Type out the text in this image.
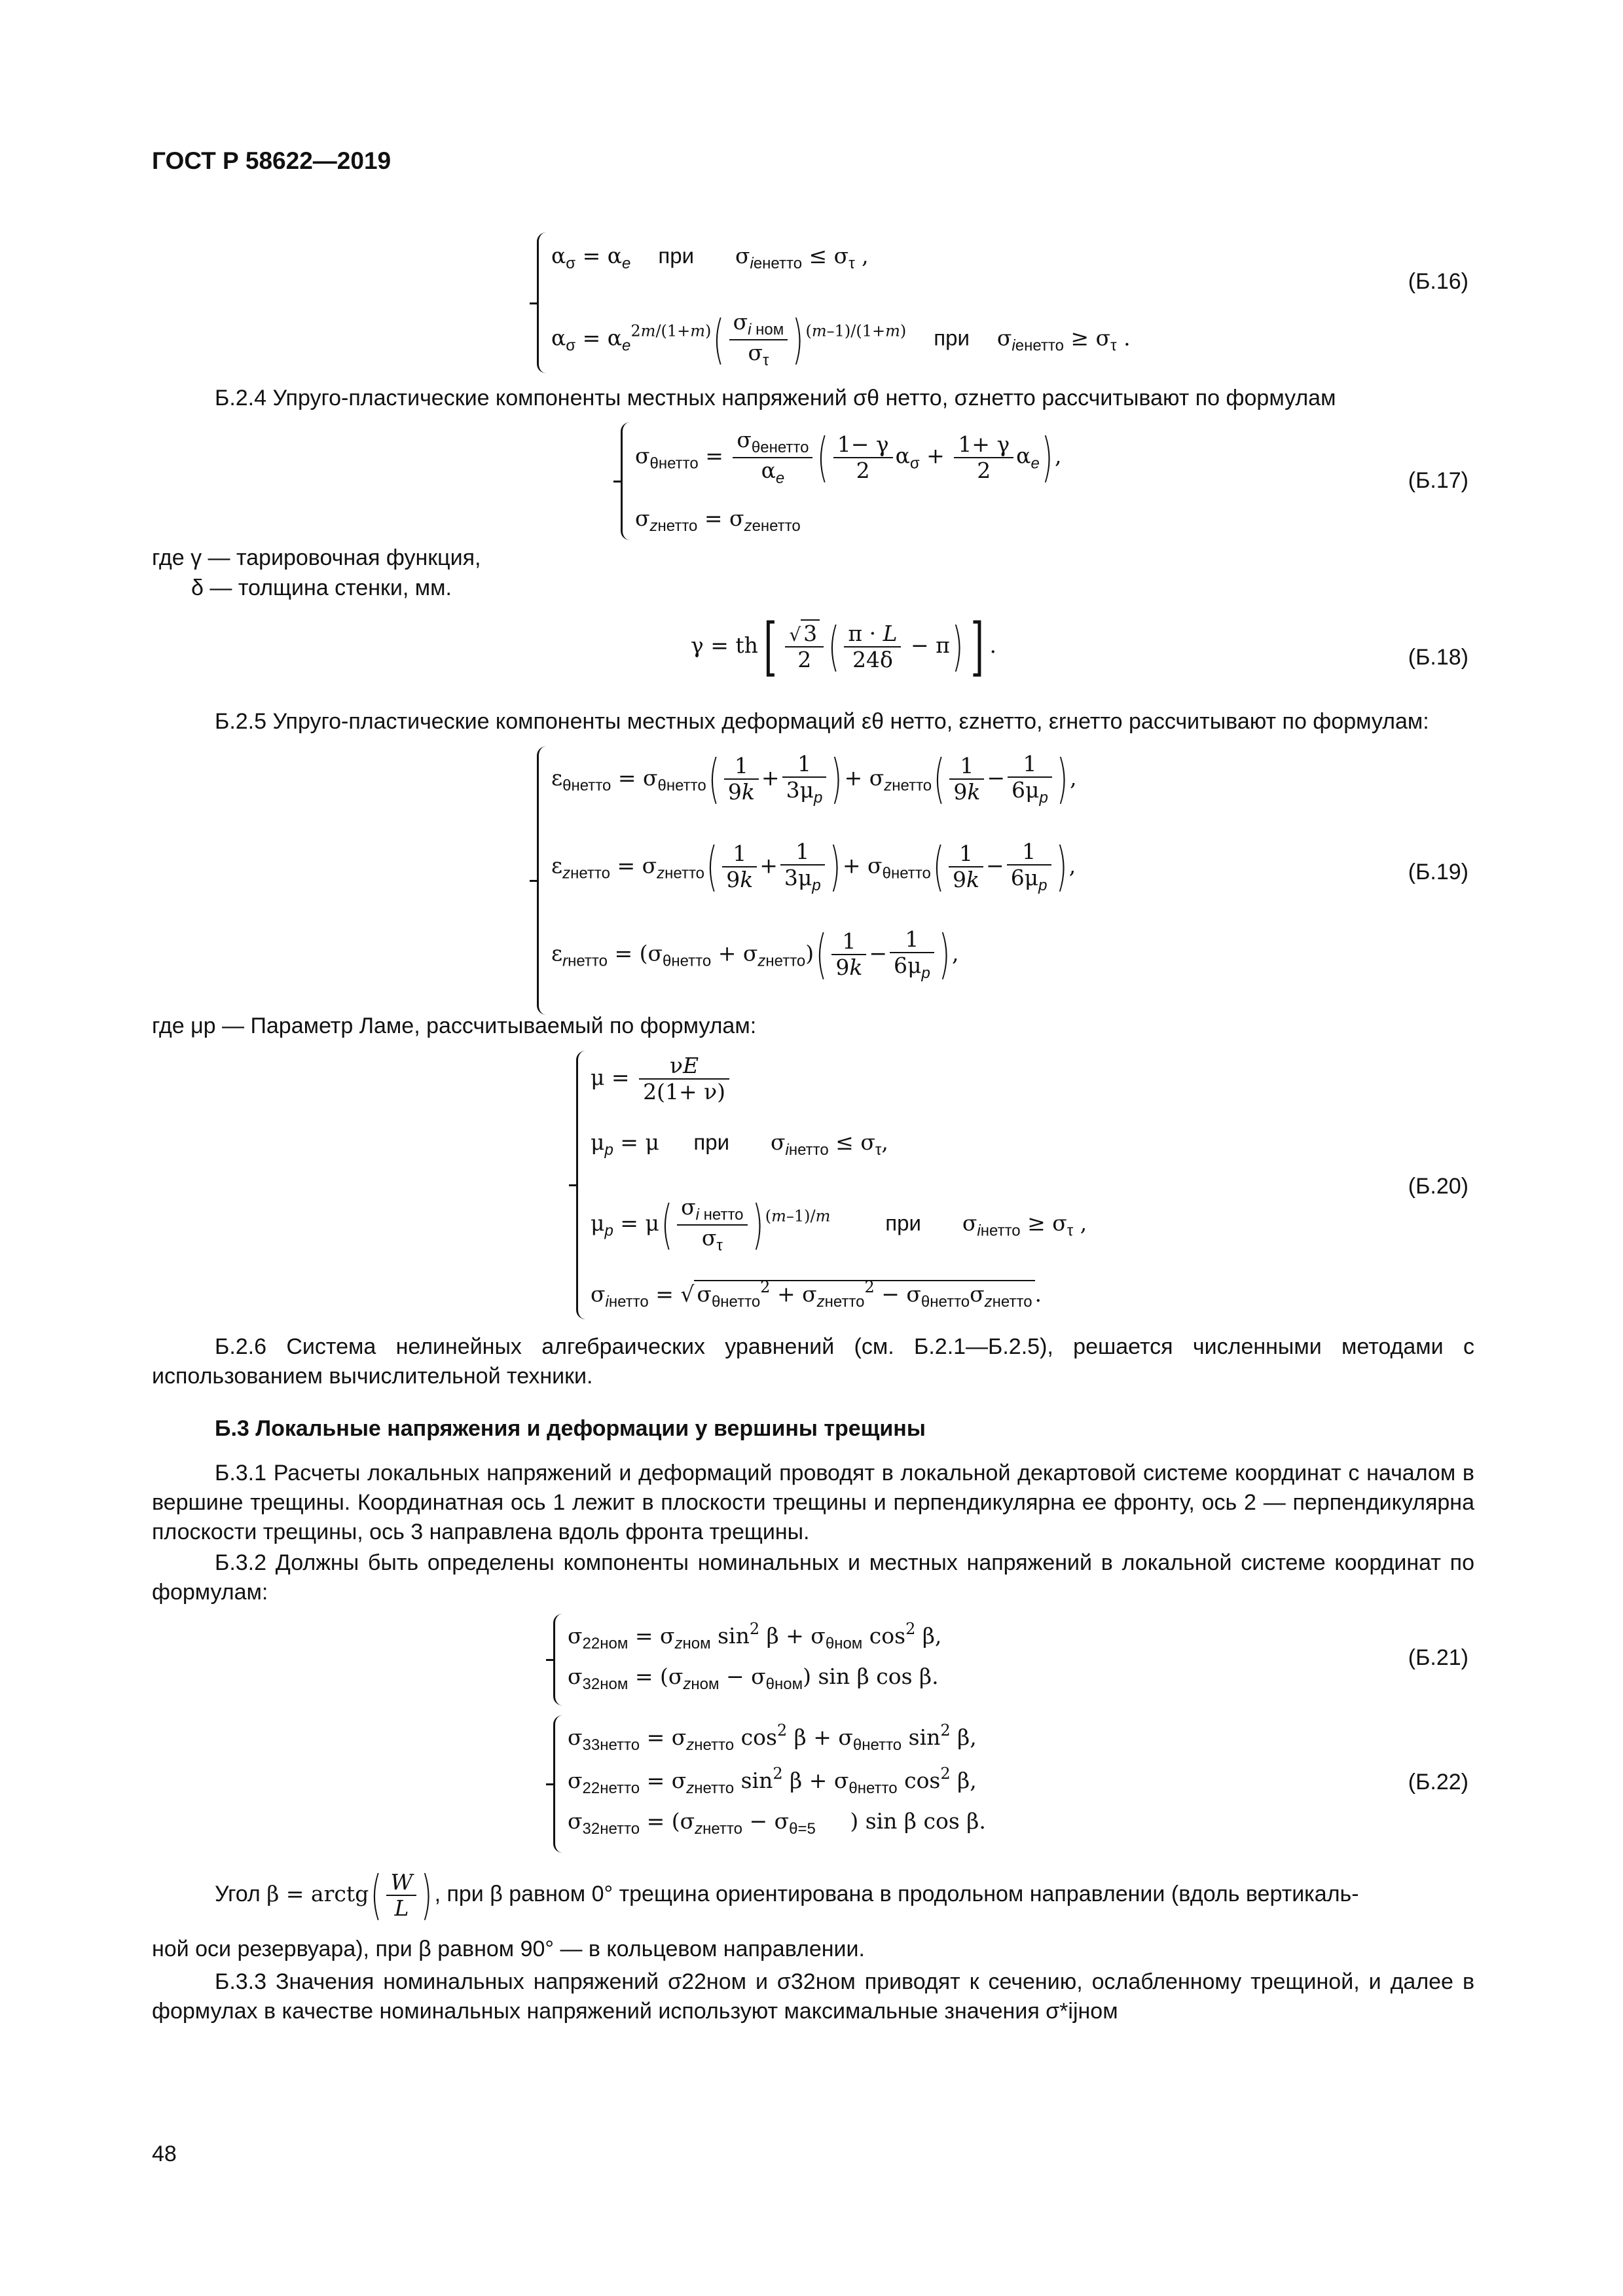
ГОСТ Р 58622—2019
$\alpha_\sigma = \alpha_e$ при      $\sigma_{iенетто} \le \sigma_\tau$ ,
$\alpha_\sigma = \alpha_e^{2m/(1+m)}( \frac{\sigma_{i ном}}{\sigma_\tau}$ ) $^{(m-1)/(1+m)}$ при    $\sigma_{iенетто} \ge \sigma_\tau$ .
(Б.16)
Б.2.4 Упруго-пластические компоненты местных напряжений σθ нетто, σzнетто рассчитывают по формулам
$\sigma_{\theta нетто} = \frac{\sigma_{\theta енетто}}{\alpha_e}$ ( $\frac{1- \gamma}{2} \alpha_\sigma + \frac{1+ \gamma}{2} \alpha_e$),
$\sigma_{zнетто} = \sigma_{zенетто}$
(Б.17)
где γ — тарировочная функция,
δ — толщина стенки, мм.
$\gamma = th[ \frac{√ 3}{2}$ ( $\frac{\pi \cdot L}{24\delta} - \pi$) ] .	(Б.18)
Б.2.5 Упруго-пластические компоненты местных деформаций εθ нетто, εzнетто, εrнетто рассчитывают по формулам:
$\varepsilon_{\theta нетто} = \sigma_{\theta нетто}( \frac{1}{9k} + \frac{1}{3\mu_p}$ )+ $\sigma_{zнетто}( \frac{1}{9k} - \frac{1}{6\mu_p}$ ),
$\varepsilon_{zнетто} = \sigma_{zнетто}( \frac{1}{9k} + \frac{1}{3\mu_p}$ )+ $\sigma_{\theta нетто}( \frac{1}{9k} - \frac{1}{6\mu_p}$ ),
$\varepsilon_{rнетто} = (\sigma_{\theta нетто} + \sigma_{zнетто})( \frac{1}{9k} - \frac{1}{6\mu_p}$ ),
(Б.19)
где μp — Параметр Ламе, рассчитываемый по формулам:
$\mu = \frac{\nu E}{2(1+ \nu)}$
$\mu_p = \mu$     при      $\sigma_{iнетто} \le \sigma_\tau$,
$\mu_p = \mu( \frac{\sigma_{i нетто}}{\sigma_\tau}$ ) $^{(m-1)/m}$	при      $\sigma_{iнетто} \ge \sigma_\tau$ ,
$\sigma_{iнетто}$ = √ $\sigma_{\theta нетто}^2 + \sigma_{zнетто}^2 - \sigma_{\theta нетто}\sigma_{zнетто}$ .
(Б.20)
Б.2.6 Система нелинейных алгебраических уравнений (см. Б.2.1—Б.2.5), решается численными методами с использованием вычислительной техники.
Б.3 Локальные напряжения и деформации у вершины трещины
Б.3.1 Расчеты локальных напряжений и деформаций проводят в локальной декартовой системе координат с началом в вершине трещины. Координатная ось 1 лежит в плоскости трещины и перпендикулярна ее фронту, ось 2 — перпендикулярна плоскости трещины, ось 3 направлена вдоль фронта трещины.
Б.3.2 Должны быть определены компоненты номинальных и местных напряжений в локальной системе координат по формулам:
$\sigma_{22ном} = \sigma_{zном}$ $\sin^2 \beta + \sigma_{\theta ном}$ $\cos^2 \beta$,
$\sigma_{32ном} = (\sigma_{zном} - \sigma_{\theta ном})$ sin β cos β.
(Б.21)
$\sigma_{33нетто} = \sigma_{zнетто}$ $\cos^2 \beta + \sigma_{\theta нетто}$ $\sin^2 \beta$,
$\sigma_{22нетто} = \sigma_{zнетто}$ $\sin^2 \beta + \sigma_{\theta нетто}$ $\cos^2 \beta$,
$\sigma_{32нетто} = (\sigma_{zнетто} - \sigma_{\theta=5}$     ) sin β cos β.
(Б.22)
Угол β = arctg( $\frac{W}{L}$ ), при β равном 0° трещина ориентирована в продольном направлении (вдоль вертикаль-
ной оси резервуара), при β равном 90° — в кольцевом направлении.
Б.3.3 Значения номинальных напряжений σ22ном и σ32ном приводят к сечению, ослабленному трещиной, и далее в формулах в качестве номинальных напряжений используют максимальные значения σ*ijном
48
